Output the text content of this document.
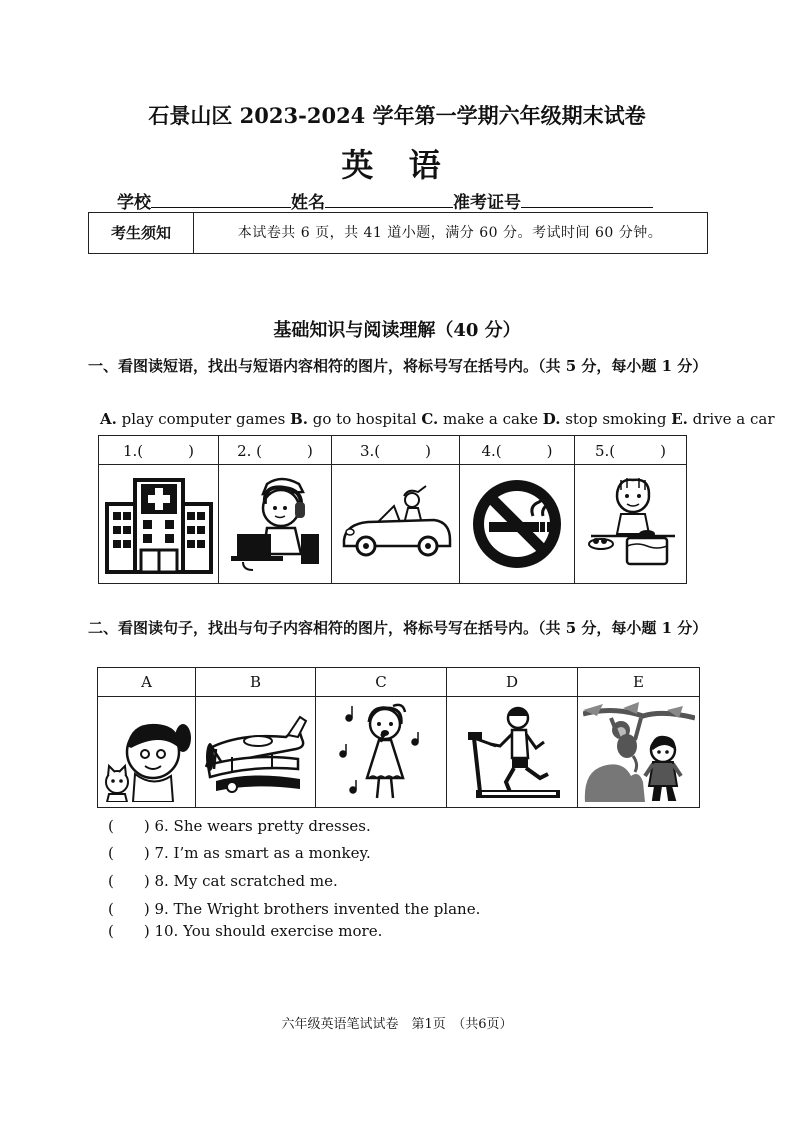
石景山区 2023-2024 学年第一学期六年级期末试卷
英 语
学校	姓名	准考证号
考生须知	本试卷共 6 页，共 41 道小题，满分 60 分。考试时间 60 分钟。
基础知识与阅读理解（40 分）
一、看图读短语，找出与短语内容相符的图片，将标号写在括号内。（共 5 分，每小题 1 分）
A. play computer games B. go to hospital C. make a cake D. stop smoking E. drive a car
1.(　　　)	2. (　　　)	3.(　　　)	4.(　　　)	5.(　　　)

二、看图读句子，找出与句子内容相符的图片，将标号写在括号内。（共 5 分，每小题 1 分）
A	B	C	D	E

(　　) 6. She wears pretty dresses.
(　　) 7. I’m as smart as a monkey.
(　　) 8. My cat scratched me.
(　　) 9. The Wright brothers invented the plane.
(　　) 10. You should exercise more.
六年级英语笔试试卷　第1页　（共6页）
